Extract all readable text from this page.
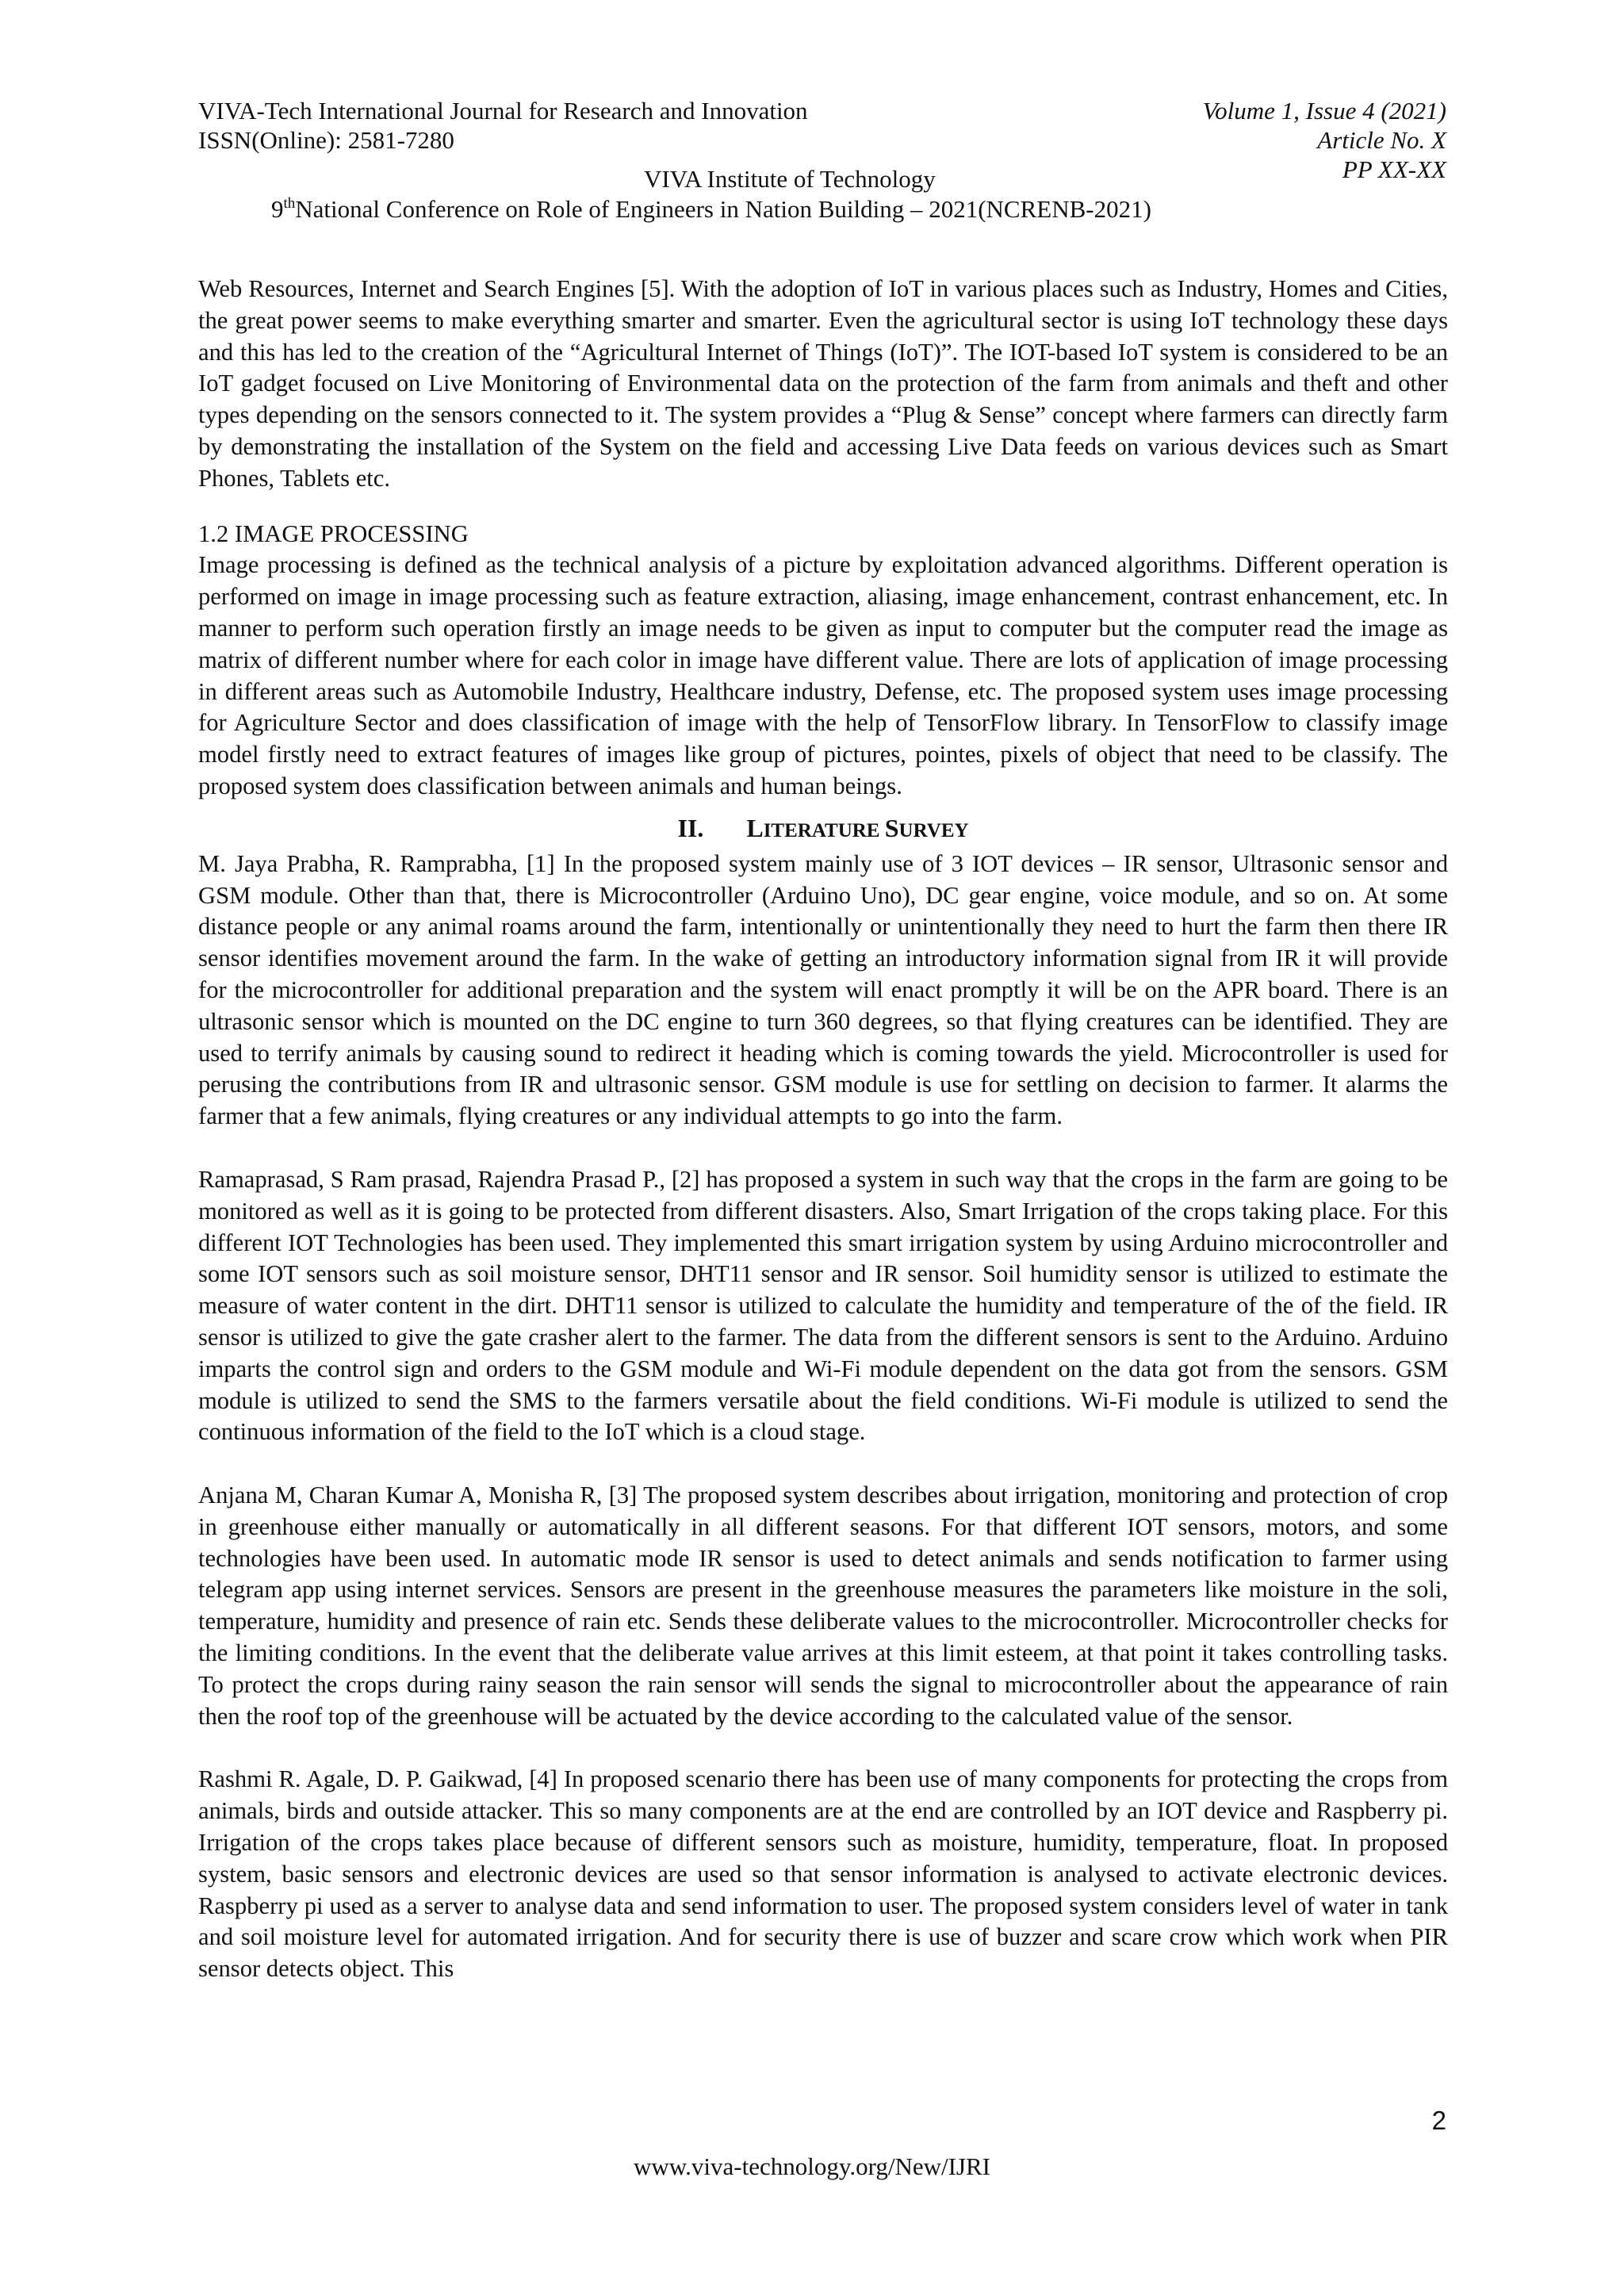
VIVA-Tech International Journal for Research and Innovation
ISSN(Online): 2581-7280
Volume 1, Issue 4 (2021)
Article No. X
PP XX-XX
VIVA Institute of Technology
9thNational Conference on Role of Engineers in Nation Building – 2021(NCRENB-2021)

Web Resources, Internet and Search Engines [5]. With the adoption of IoT in various places such as Industry, Homes and Cities, the great power seems to make everything smarter and smarter. Even the agricultural sector is using IoT technology these days and this has led to the creation of the “Agricultural Internet of Things (IoT)”. The IOT-based IoT system is considered to be an IoT gadget focused on Live Monitoring of Environmental data on the protection of the farm from animals and theft and other types depending on the sensors connected to it. The system provides a “Plug & Sense” concept where farmers can directly farm by demonstrating the installation of the System on the field and accessing Live Data feeds on various devices such as Smart Phones, Tablets etc.

1.2 IMAGE PROCESSING

Image processing is defined as the technical analysis of a picture by exploitation advanced algorithms. Different operation is performed on image in image processing such as feature extraction, aliasing, image enhancement, contrast enhancement, etc. In manner to perform such operation firstly an image needs to be given as input to computer but the computer read the image as matrix of different number where for each color in image have different value. There are lots of application of image processing in different areas such as Automobile Industry, Healthcare industry, Defense, etc. The proposed system uses image processing for Agriculture Sector and does classification of image with the help of TensorFlow library. In TensorFlow to classify image model firstly need to extract features of images like group of pictures, pointes, pixels of object that need to be classify. The proposed system does classification between animals and human beings.

II. LITERATURE SURVEY

M. Jaya Prabha, R. Ramprabha, [1] In the proposed system mainly use of 3 IOT devices – IR sensor, Ultrasonic sensor and GSM module. Other than that, there is Microcontroller (Arduino Uno), DC gear engine, voice module, and so on. At some distance people or any animal roams around the farm, intentionally or unintentionally they need to hurt the farm then there IR sensor identifies movement around the farm. In the wake of getting an introductory information signal from IR it will provide for the microcontroller for additional preparation and the system will enact promptly it will be on the APR board. There is an ultrasonic sensor which is mounted on the DC engine to turn 360 degrees, so that flying creatures can be identified. They are used to terrify animals by causing sound to redirect it heading which is coming towards the yield. Microcontroller is used for perusing the contributions from IR and ultrasonic sensor. GSM module is use for settling on decision to farmer. It alarms the farmer that a few animals, flying creatures or any individual attempts to go into the farm.

Ramaprasad, S Ram prasad, Rajendra Prasad P., [2] has proposed a system in such way that the crops in the farm are going to be monitored as well as it is going to be protected from different disasters. Also, Smart Irrigation of the crops taking place. For this different IOT Technologies has been used. They implemented this smart irrigation system by using Arduino microcontroller and some IOT sensors such as soil moisture sensor, DHT11 sensor and IR sensor. Soil humidity sensor is utilized to estimate the measure of water content in the dirt. DHT11 sensor is utilized to calculate the humidity and temperature of the of the field. IR sensor is utilized to give the gate crasher alert to the farmer. The data from the different sensors is sent to the Arduino. Arduino imparts the control sign and orders to the GSM module and Wi-Fi module dependent on the data got from the sensors. GSM module is utilized to send the SMS to the farmers versatile about the field conditions. Wi-Fi module is utilized to send the continuous information of the field to the IoT which is a cloud stage.

Anjana M, Charan Kumar A, Monisha R, [3] The proposed system describes about irrigation, monitoring and protection of crop in greenhouse either manually or automatically in all different seasons. For that different IOT sensors, motors, and some technologies have been used. In automatic mode IR sensor is used to detect animals and sends notification to farmer using telegram app using internet services. Sensors are present in the greenhouse measures the parameters like moisture in the soli, temperature, humidity and presence of rain etc. Sends these deliberate values to the microcontroller. Microcontroller checks for the limiting conditions. In the event that the deliberate value arrives at this limit esteem, at that point it takes controlling tasks. To protect the crops during rainy season the rain sensor will sends the signal to microcontroller about the appearance of rain then the roof top of the greenhouse will be actuated by the device according to the calculated value of the sensor.

Rashmi R. Agale, D. P. Gaikwad, [4] In proposed scenario there has been use of many components for protecting the crops from animals, birds and outside attacker. This so many components are at the end are controlled by an IOT device and Raspberry pi. Irrigation of the crops takes place because of different sensors such as moisture, humidity, temperature, float. In proposed system, basic sensors and electronic devices are used so that sensor information is analysed to activate electronic devices. Raspberry pi used as a server to analyse data and send information to user. The proposed system considers level of water in tank and soil moisture level for automated irrigation. And for security there is use of buzzer and scare crow which work when PIR sensor detects object. This

2
www.viva-technology.org/New/IJRI
